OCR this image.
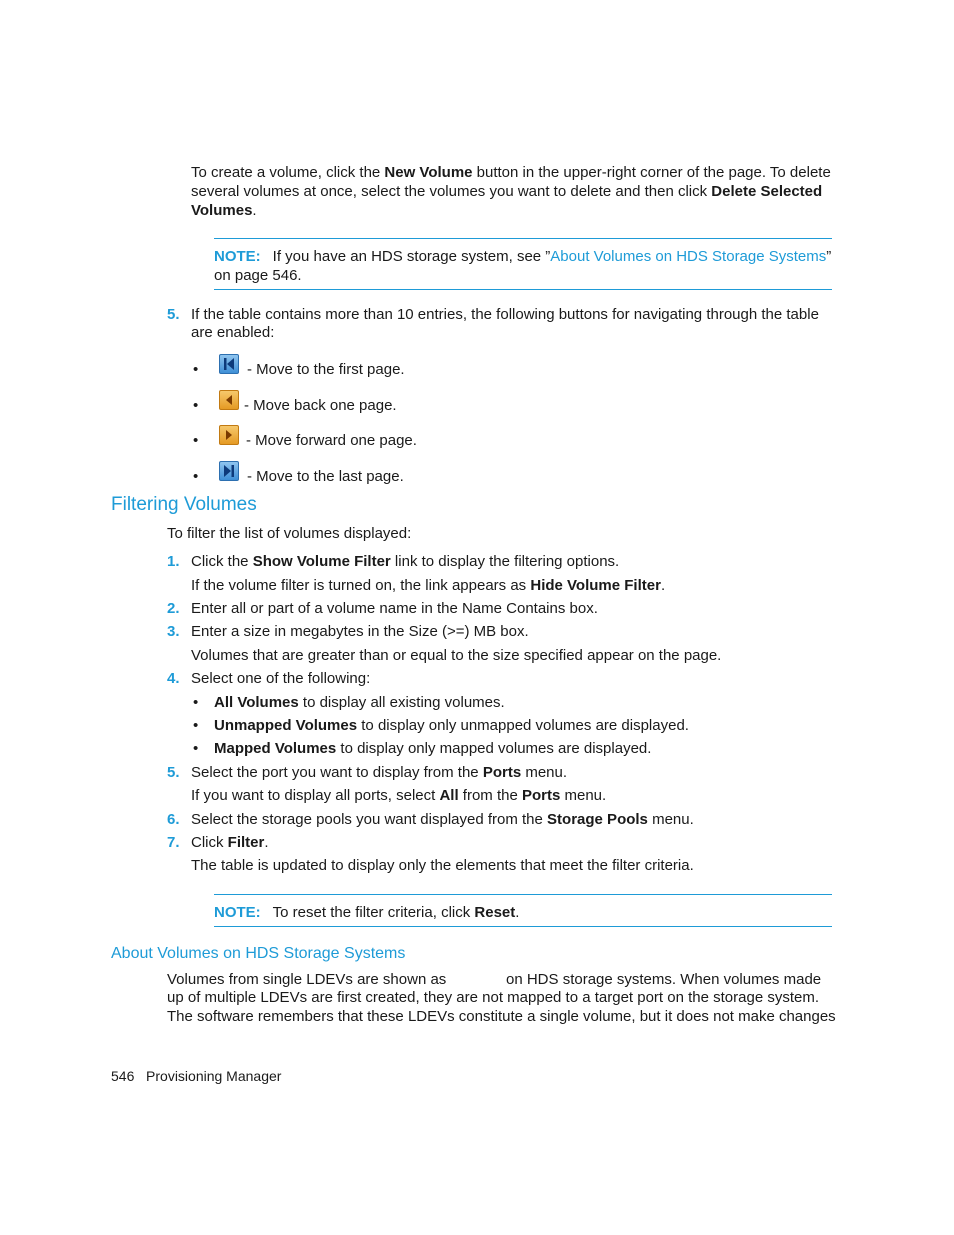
To create a volume, click the New Volume button in the upper-right corner of the page. To delete
several volumes at once, select the volumes you want to delete and then click Delete Selected
Volumes.
NOTE: If you have an HDS storage system, see ”About Volumes on HDS Storage Systems”
on page 546.
5. If the table contains more than 10 entries, the following buttons for navigating through the table
are enabled:
•	- Move to the first page.
•	- Move back one page.
•	- Move forward one page.
•	- Move to the last page.
Filtering Volumes
To filter the list of volumes displayed:
1. Click the Show Volume Filter link to display the filtering options.
If the volume filter is turned on, the link appears as Hide Volume Filter.
2. Enter all or part of a volume name in the Name Contains box.
3. Enter a size in megabytes in the Size (>=) MB box.
Volumes that are greater than or equal to the size specified appear on the page.
4. Select one of the following:
• All Volumes to display all existing volumes.
• Unmapped Volumes to display only unmapped volumes are displayed.
• Mapped Volumes to display only mapped volumes are displayed.
5. Select the port you want to display from the Ports menu.
If you want to display all ports, select All from the Ports menu.
6. Select the storage pools you want displayed from the Storage Pools menu.
7. Click Filter.
The table is updated to display only the elements that meet the filter criteria.
NOTE: To reset the filter criteria, click Reset.
About Volumes on HDS Storage Systems
Volumes from single LDEVs are shown as	on HDS storage systems. When volumes made
up of multiple LDEVs are first created, they are not mapped to a target port on the storage system.
The software remembers that these LDEVs constitute a single volume, but it does not make changes
546 Provisioning Manager
